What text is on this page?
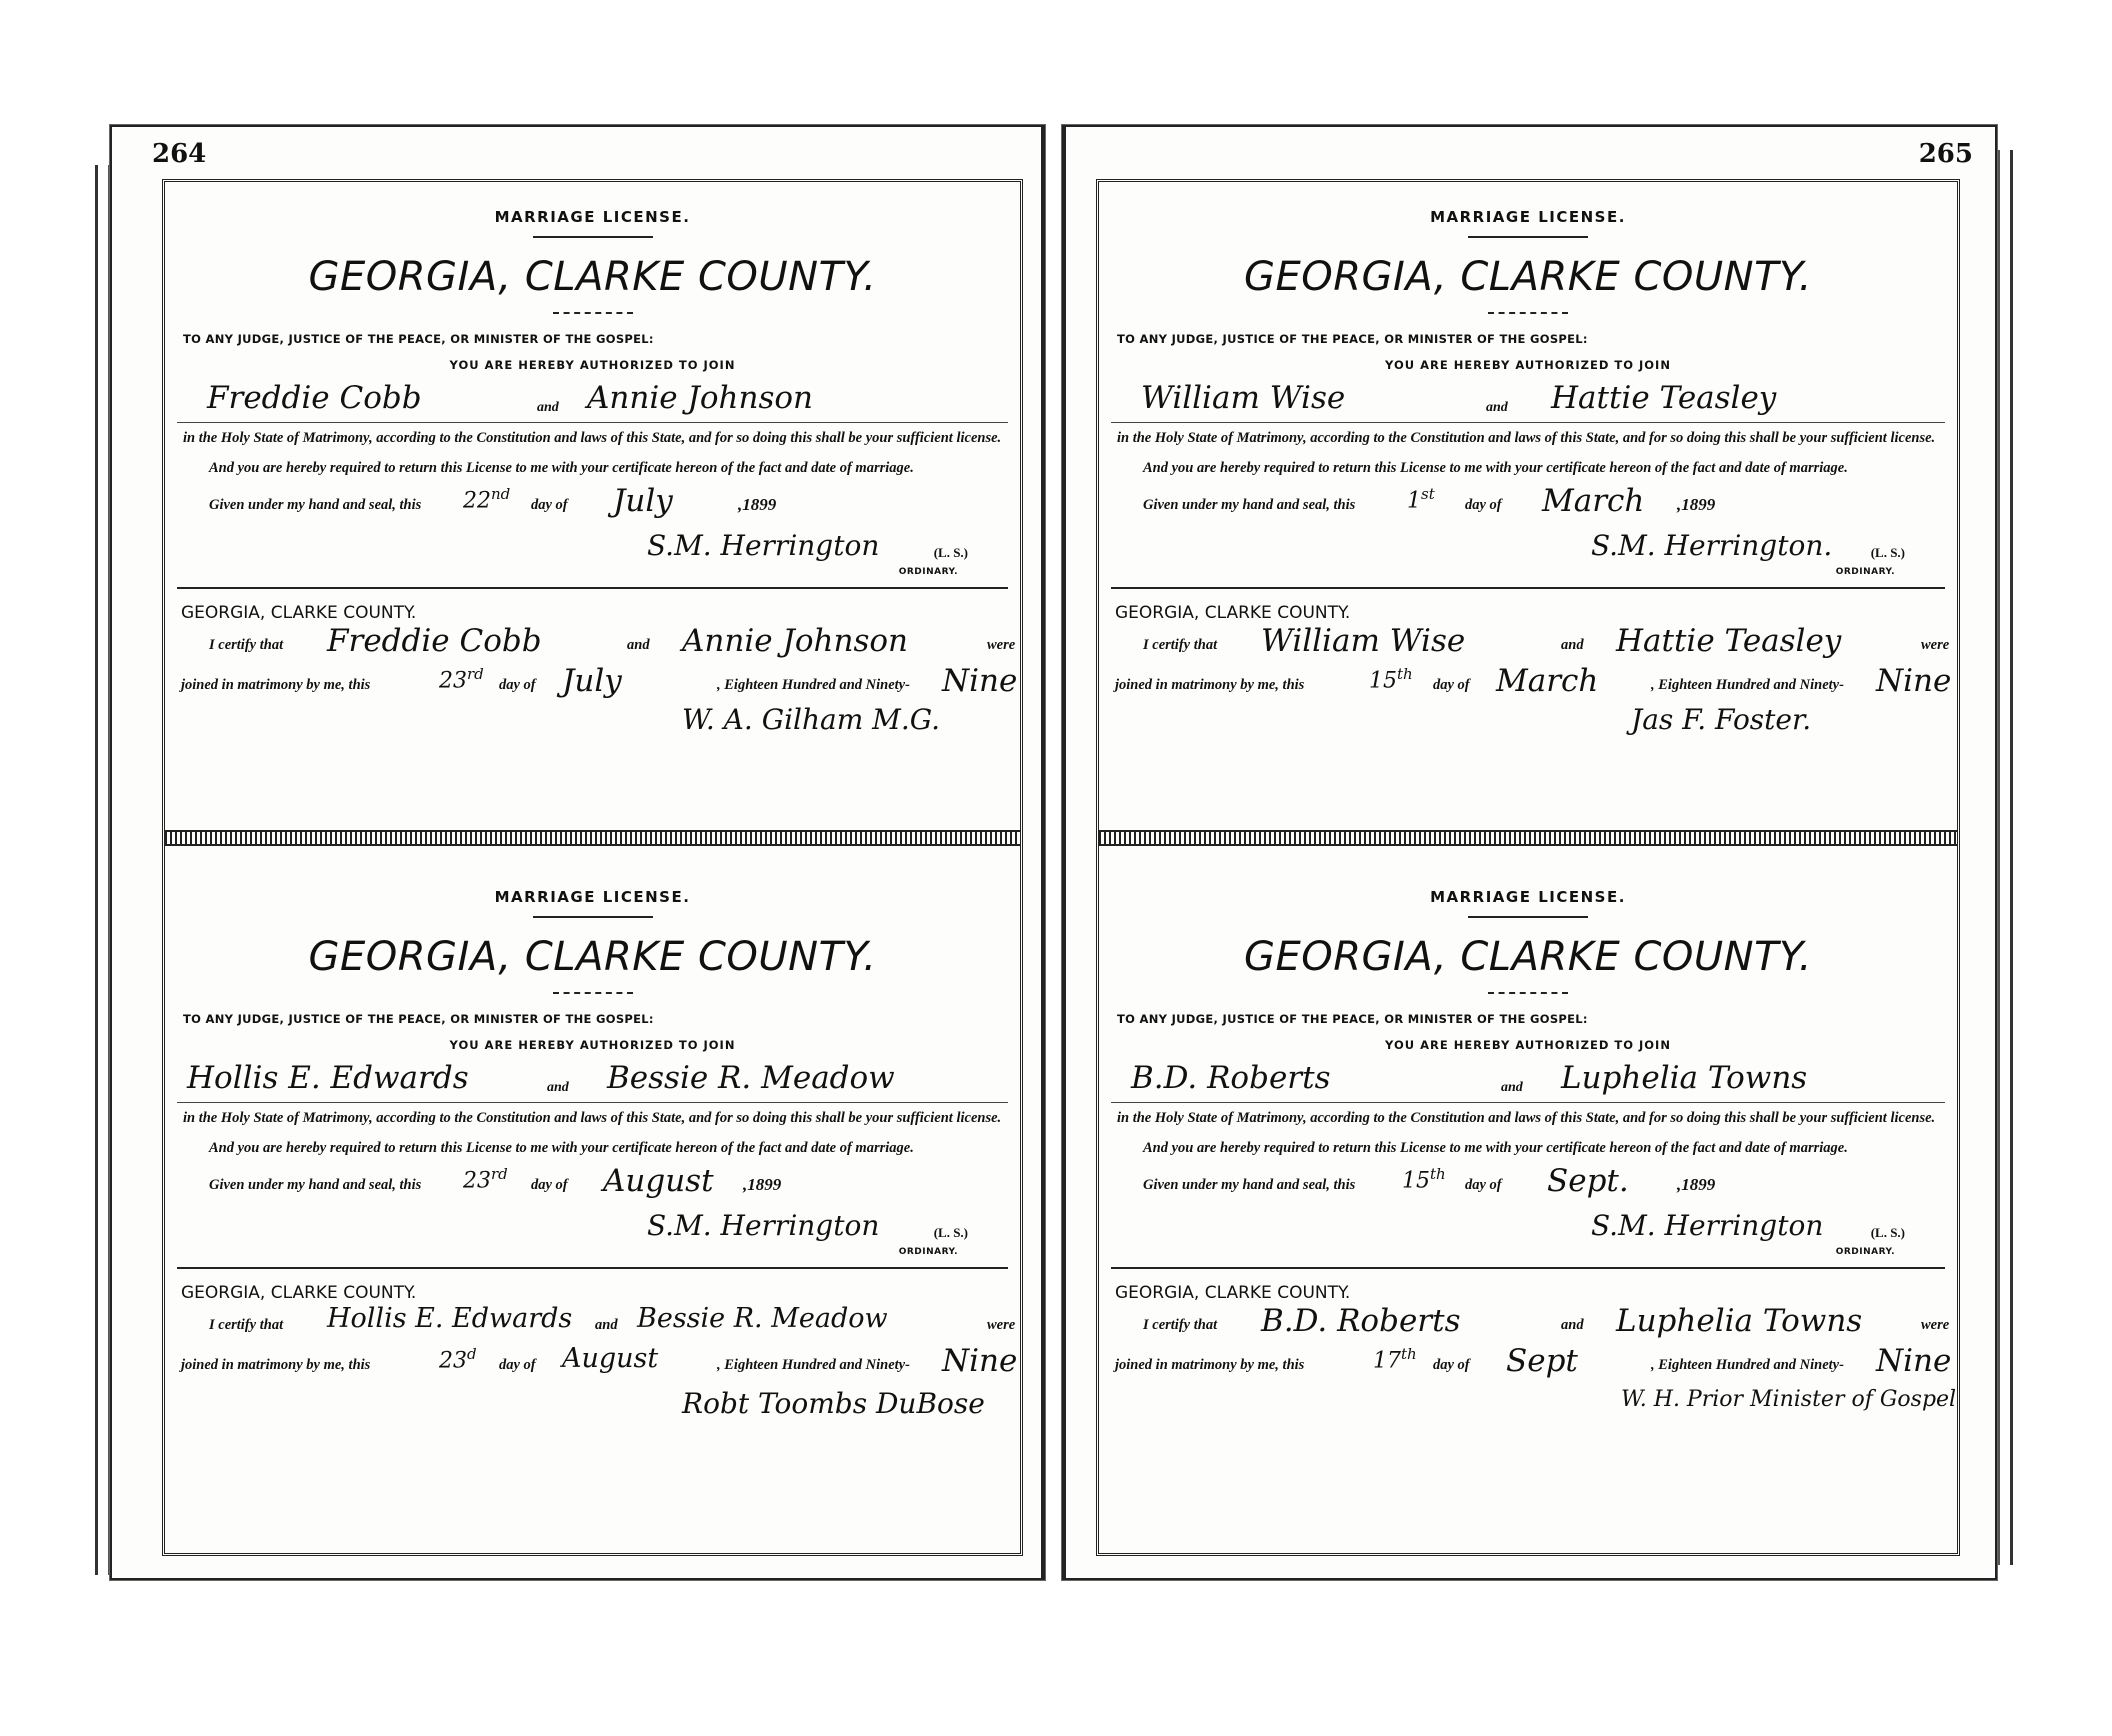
264
MARRIAGE LICENSE.
GEORGIA, CLARKE COUNTY.
TO ANY JUDGE, JUSTICE OF THE PEACE, OR MINISTER OF THE GOSPEL:
YOU ARE HEREBY AUTHORIZED TO JOIN
Freddie Cobb	and Annie Johnson
in the Holy State of Matrimony, according to the Constitution and laws of this State, and for so doing this shall be your sufficient license.
And you are hereby required to return this License to me with your certificate hereon of the fact and date of marriage.
Given under my hand and seal, this 22nd
day of July	,1899
S.M. Herrington	(L. S.)
ORDINARY.
GEORGIA, CLARKE COUNTY.
I certify that Freddie Cobb	and Annie Johnson	were
joined in matrimony by me, this	23rd
day of July	, Eighteen Hundred and Ninety- Nine
W. A. Gilham M.G.
MARRIAGE LICENSE.
GEORGIA, CLARKE COUNTY.
TO ANY JUDGE, JUSTICE OF THE PEACE, OR MINISTER OF THE GOSPEL:
YOU ARE HEREBY AUTHORIZED TO JOIN
Hollis E. Edwards	and Bessie R. Meadow
in the Holy State of Matrimony, according to the Constitution and laws of this State, and for so doing this shall be your sufficient license.
And you are hereby required to return this License to me with your certificate hereon of the fact and date of marriage.
Given under my hand and seal, this 23rd
day of August ,1899
S.M. Herrington	(L. S.)
ORDINARY.
GEORGIA, CLARKE COUNTY.
I certify that Hollis E. Edwards and Bessie R. Meadow	were
joined in matrimony by me, this	23$^d$
day of August	, Eighteen Hundred and Ninety- Nine
Robt Toombs DuBose
265
MARRIAGE LICENSE.
GEORGIA, CLARKE COUNTY.
TO ANY JUDGE, JUSTICE OF THE PEACE, OR MINISTER OF THE GOSPEL:
YOU ARE HEREBY AUTHORIZED TO JOIN
William Wise	and Hattie Teasley
in the Holy State of Matrimony, according to the Constitution and laws of this State, and for so doing this shall be your sufficient license.
And you are hereby required to return this License to me with your certificate hereon of the fact and date of marriage.
Given under my hand and seal, this 1st
day of March ,1899
S.M. Herrington.	(L. S.)
ORDINARY.
GEORGIA, CLARKE COUNTY.
I certify that William Wise	and Hattie Teasley	were
joined in matrimony by me, this	15th
day of March	, Eighteen Hundred and Ninety- Nine
Jas F. Foster.
MARRIAGE LICENSE.
GEORGIA, CLARKE COUNTY.
TO ANY JUDGE, JUSTICE OF THE PEACE, OR MINISTER OF THE GOSPEL:
YOU ARE HEREBY AUTHORIZED TO JOIN
B.D. Roberts	and Luphelia Towns
in the Holy State of Matrimony, according to the Constitution and laws of this State, and for so doing this shall be your sufficient license.
And you are hereby required to return this License to me with your certificate hereon of the fact and date of marriage.
Given under my hand and seal, this 15th
day of Sept.	,1899
S.M. Herrington	(L. S.)
ORDINARY.
GEORGIA, CLARKE COUNTY.
I certify that B.D. Roberts	and Luphelia Towns	were
joined in matrimony by me, this	17th
day of Sept	, Eighteen Hundred and Ninety- Nine
W. H. Prior Minister of Gospel
